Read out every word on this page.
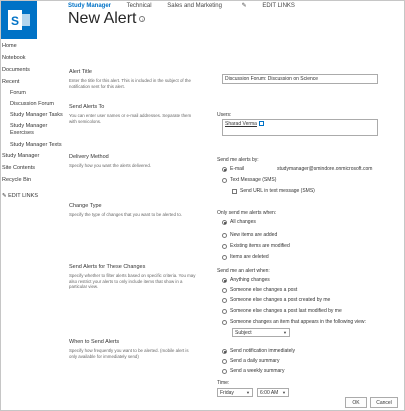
S
Study Manager	Technical	Sales and Marketing	✎	EDIT LINKS
New Alert i
Home
Notebook
Documents
Recent
Forum
Discussion Forum
Study Manager Tasks
Study Manager
Exercises
Study Manager Texts
Study Manager
Site Contents
Recycle Bin
✎ EDIT LINKS
Alert Title
Enter the title for this alert. This is included in the subject of the notification sent for this alert.
Discussion Forum: Discussion on Science
Send Alerts To
You can enter user names or e-mail addresses. Separate them with semicolons.
Users:
Sharad Verma
Delivery Method
Specify how you want the alerts delivered.
Send me alerts by:
E-mail	studymanager@smindore.onmicrosoft.com
Text Message (SMS)
Send URL in text message (SMS)
Change Type
Specify the type of changes that you want to be alerted to.	Only send me alerts when:
All changes
New items are added
Existing items are modified
Items are deleted
Send Alerts for These Changes
Specify whether to filter alerts based on specific criteria. You may also restrict your alerts to only include items that show in a particular view.
Send me an alert when:
Anything changes
Someone else changes a post
Someone else changes a post created by me
Someone else changes a post last modified by me
Someone changes an item that appears in the following view:
Subject	▼
When to Send Alerts
Specify how frequently you want to be alerted. (mobile alert is only available for immediately send)
Send notification immediately
Send a daily summary
Send a weekly summary
Time:
Friday	▼	6:00 AM ▼
OK	Cancel
